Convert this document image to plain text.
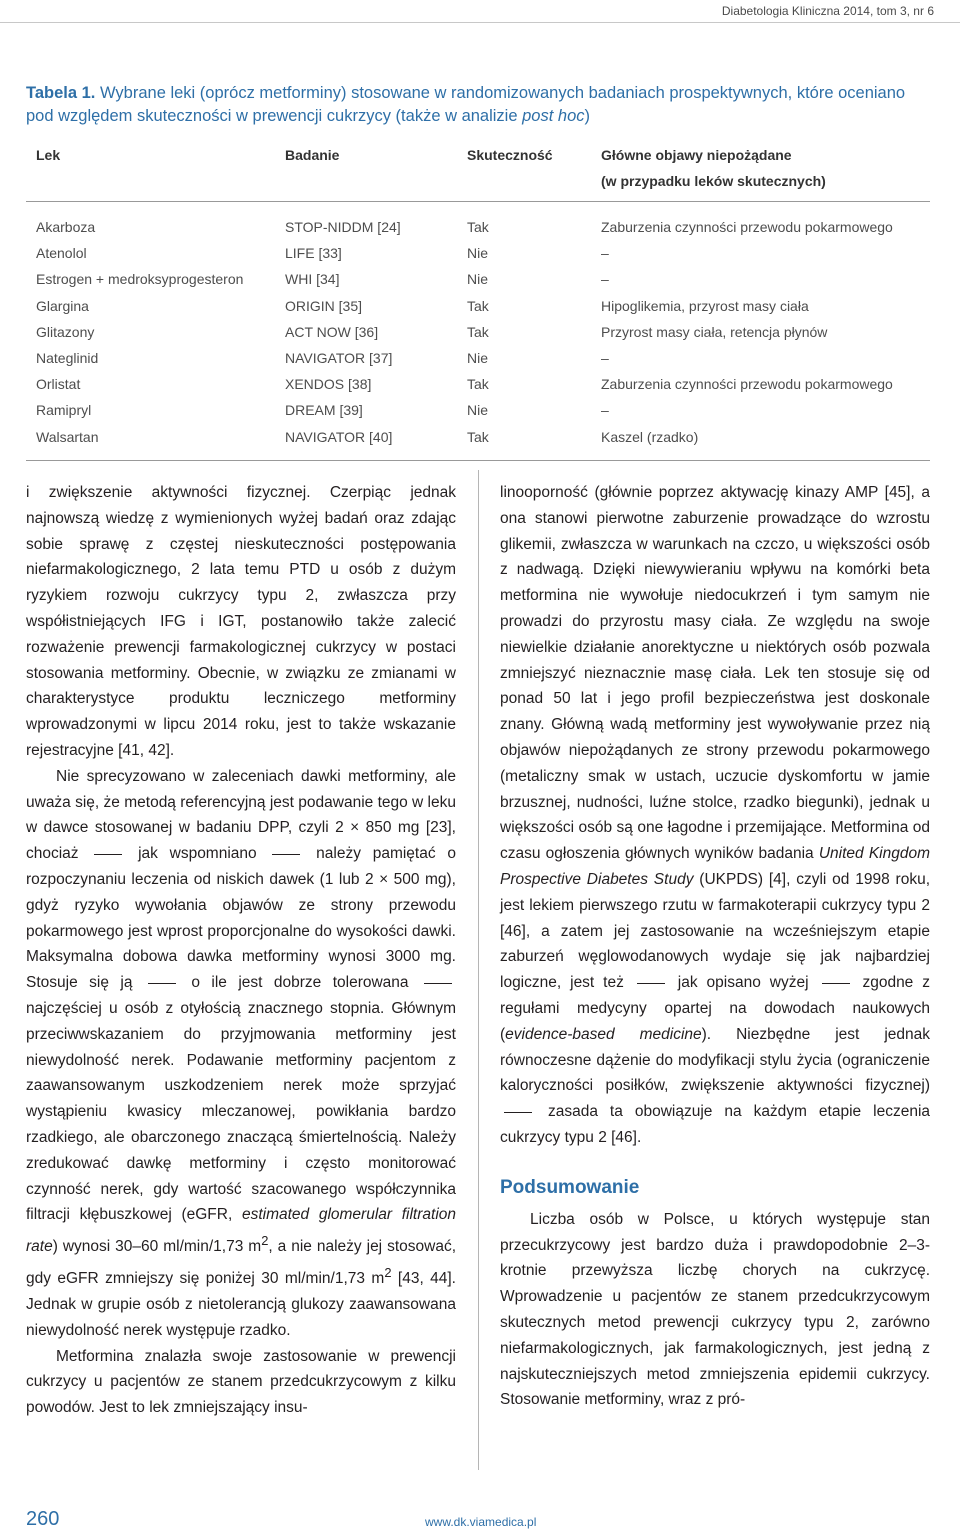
Diabetologia Kliniczna 2014, tom 3, nr 6
Tabela 1. Wybrane leki (oprócz metforminy) stosowane w randomizowanych badaniach prospektywnych, które oceniano pod względem skuteczności w prewencji cukrzycy (także w analizie post hoc)
Lek	Badanie	Skuteczność	Główne objawy niepożądane
(w przypadku leków skutecznych)
Akarboza	STOP-NIDDM [24]	Tak	Zaburzenia czynności przewodu pokarmowego
Atenolol	LIFE [33]	Nie	–
Estrogen + medroksyprogesteron	WHI [34]	Nie	–
Glargina	ORIGIN [35]	Tak	Hipoglikemia, przyrost masy ciała
Glitazony	ACT NOW [36]	Tak	Przyrost masy ciała, retencja płynów
Nateglinid	NAVIGATOR [37]	Nie	–
Orlistat	XENDOS [38]	Tak	Zaburzenia czynności przewodu pokarmowego
Ramipryl	DREAM [39]	Nie	–
Walsartan	NAVIGATOR [40]	Tak	Kaszel (rzadko)

i zwiększenie aktywności fizycznej. Czerpiąc jednak najnowszą wiedzę z wymienionych wyżej badań oraz zdając sobie sprawę z częstej nieskuteczności postępowania niefarmakologicznego, 2 lata temu PTD u osób z dużym ryzykiem rozwoju cukrzycy typu 2, zwłaszcza przy współistniejących IFG i IGT, postanowiło także zalecić rozważenie prewencji farmakologicznej cukrzycy w postaci stosowania metforminy. Obecnie, w związku ze zmianami w charakterystyce produktu leczniczego metforminy wprowadzonymi w lipcu 2014 roku, jest to także wskazanie rejestracyjne [41, 42].

Nie sprecyzowano w zaleceniach dawki metforminy, ale uważa się, że metodą referencyjną jest podawanie tego w leku w dawce stosowanej w badaniu DPP, czyli 2 × 850 mg [23], chociaż	jak wspomniano	należy pamiętać o rozpoczynaniu leczenia od niskich dawek (1 lub 2 × 500 mg), gdyż ryzyko wywołania objawów ze strony przewodu pokarmowego jest wprost proporcjonalne do wysokości dawki. Maksymalna dobowa dawka metforminy wynosi 3000 mg. Stosuje się ją	o ile jest dobrze tolerowana  najczęściej u osób z otyłością znacznego stopnia. Głównym przeciwwskazaniem do przyjmowania metforminy jest niewydolność nerek. Podawanie metforminy pacjentom z zaawansowanym uszkodzeniem nerek może sprzyjać wystąpieniu kwasicy mleczanowej, powikłania bardzo rzadkiego, ale obarczonego znaczącą śmiertelnością. Należy zredukować dawkę metforminy i często monitorować czynność nerek, gdy wartość szacowanego współczynnika filtracji kłębuszkowej (eGFR, estimated glomerular filtration rate) wynosi 30–60 ml/min/1,73 $m^2$, a nie należy jej stosować, gdy eGFR zmniejszy się poniżej 30 ml/min/1,73 $m^2$ [43, 44]. Jednak w grupie osób z nietolerancją glukozy zaawansowana niewydolność nerek występuje rzadko.

Metformina znalazła swoje zastosowanie w prewencji cukrzycy u pacjentów ze stanem przedcukrzycowym z kilku powodów. Jest to lek zmniejszający insu-

linooporność (głównie poprzez aktywację kinazy AMP [45], a ona stanowi pierwotne zaburzenie prowadzące do wzrostu glikemii, zwłaszcza w warunkach na czczo, u większości osób z nadwagą. Dzięki niewywieraniu wpływu na komórki beta metformina nie wywołuje niedocukrzeń i tym samym nie prowadzi do przyrostu masy ciała. Ze względu na swoje niewielkie działanie anorektyczne u niektórych osób pozwala zmniejszyć nieznacznie masę ciała. Lek ten stosuje się od ponad 50 lat i jego profil bezpieczeństwa jest doskonale znany. Główną wadą metforminy jest wywoływanie przez nią objawów niepożądanych ze strony przewodu pokarmowego (metaliczny smak w ustach, uczucie dyskomfortu w jamie brzusznej, nudności, luźne stolce, rzadko biegunki), jednak u większości osób są one łagodne i przemijające. Metformina od czasu ogłoszenia głównych wyników badania United Kingdom Prospective Diabetes Study (UKPDS) [4], czyli od 1998 roku, jest lekiem pierwszego rzutu w farmakoterapii cukrzycy typu 2 [46], a zatem jej zastosowanie na wcześniejszym etapie zaburzeń węglowodanowych wydaje się jak najbardziej logiczne, jest też	jak opisano wyżej	zgodne z regułami medycyny opartej na dowodach naukowych (evidence-based medicine). Niezbędne jest jednak równoczesne dążenie do modyfikacji stylu życia (ograniczenie kaloryczności posiłków, zwiększenie aktywności fizycznej)  zasada ta obowiązuje na każdym etapie leczenia cukrzycy typu 2 [46].

Podsumowanie

Liczba osób w Polsce, u których występuje stan przecukrzycowy jest bardzo duża i prawdopodobnie 2–3-krotnie przewyższa liczbę chorych na cukrzycę. Wprowadzenie u pacjentów ze stanem przedcukrzycowym skutecznych metod prewencji cukrzycy typu 2, zarówno niefarmakologicznych, jak farmakologicznych, jest jedną z najskuteczniejszych metod zmniejszenia epidemii cukrzycy. Stosowanie metforminy, wraz z pró-

260	www.dk.viamedica.pl
